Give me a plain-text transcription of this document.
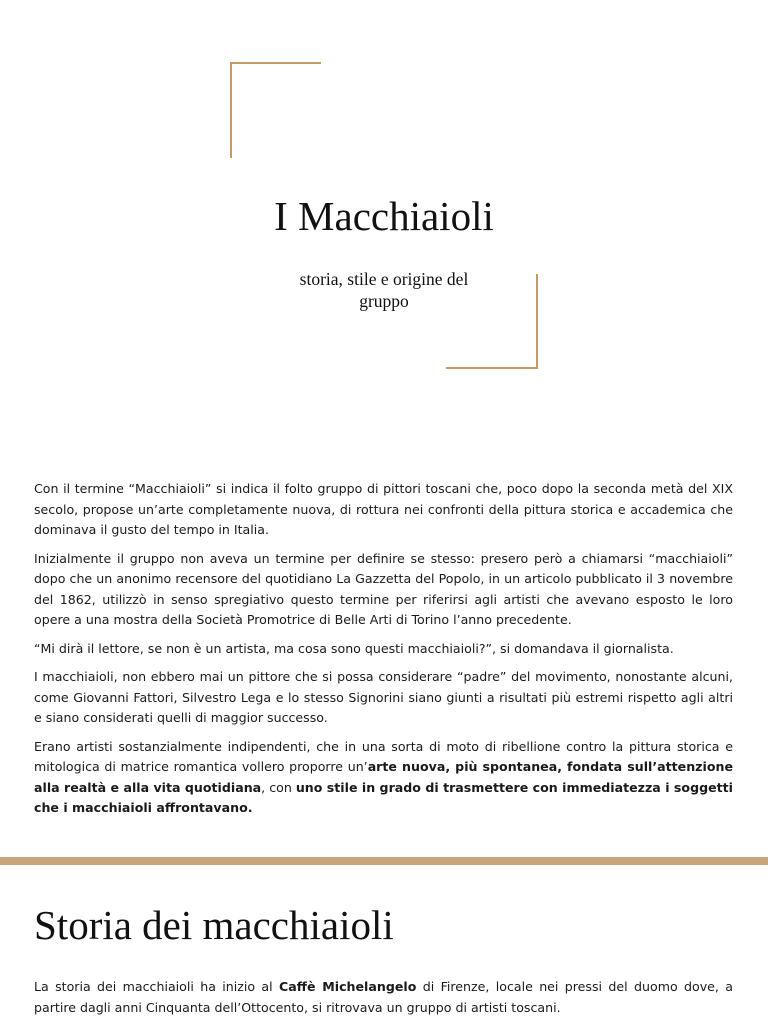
I Macchiaioli

storia, stile e origine del gruppo

Con il termine “Macchiaioli” si indica il folto gruppo di pittori toscani che, poco dopo la seconda metà del XIX secolo, propose un’arte completamente nuova, di rottura nei confronti della pittura storica e accademica che dominava il gusto del tempo in Italia.

Inizialmente il gruppo non aveva un termine per definire se stesso: presero però a chiamarsi “macchiaioli” dopo che un anonimo recensore del quotidiano La Gazzetta del Popolo, in un articolo pubblicato il 3 novembre del 1862, utilizzò in senso spregiativo questo termine per riferirsi agli artisti che avevano esposto le loro opere a una mostra della Società Promotrice di Belle Arti di Torino l’anno precedente.

“Mi dirà il lettore, se non è un artista, ma cosa sono questi macchiaioli?”, si domandava il giornalista.

I macchiaioli, non ebbero mai un pittore che si possa considerare “padre” del movimento, nonostante alcuni, come Giovanni Fattori, Silvestro Lega e lo stesso Signorini siano giunti a risultati più estremi rispetto agli altri e siano considerati quelli di maggior successo.

Erano artisti sostanzialmente indipendenti, che in una sorta di moto di ribellione contro la pittura storica e mitologica di matrice romantica vollero proporre un’arte nuova, più spontanea, fondata sull’attenzione alla realtà e alla vita quotidiana, con uno stile in grado di trasmettere con immediatezza i soggetti che i macchiaioli affrontavano.

Storia dei macchiaioli

La storia dei macchiaioli ha inizio al Caffè Michelangelo di Firenze, locale nei pressi del duomo dove, a partire dagli anni Cinquanta dell’Ottocento, si ritrovava un gruppo di artisti toscani.
